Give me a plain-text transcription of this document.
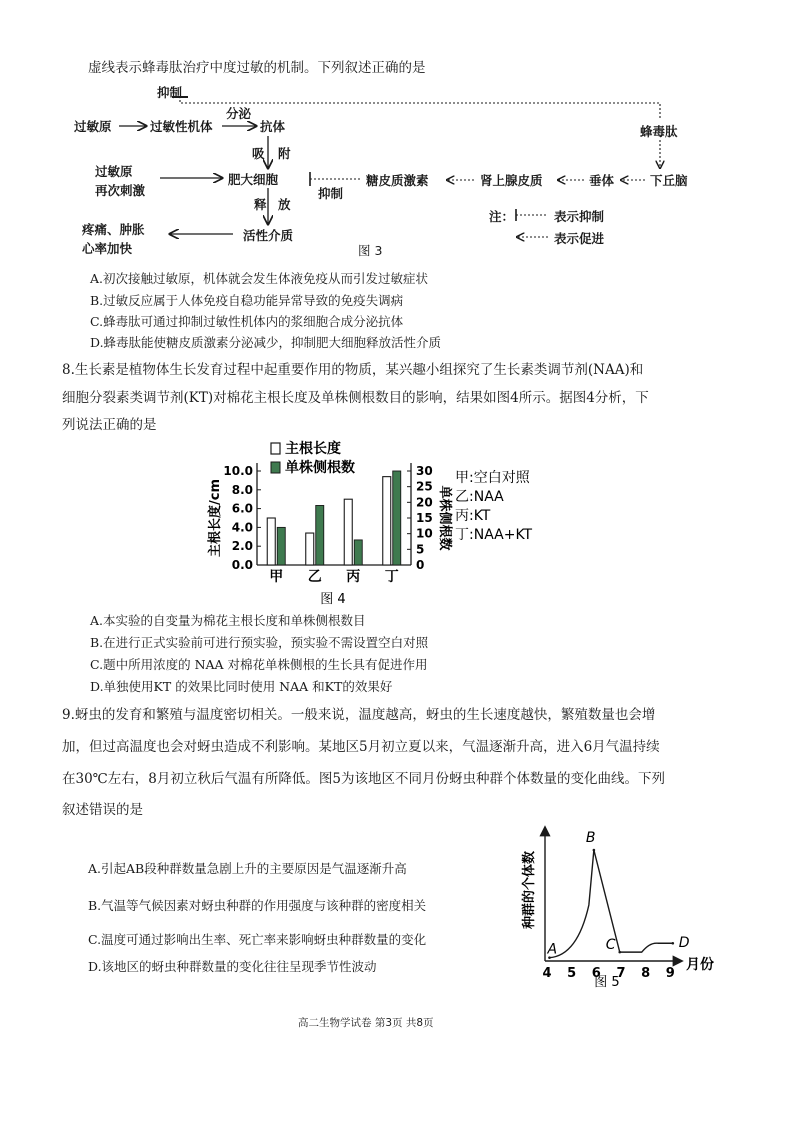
虚线表示蜂毒肽治疗中度过敏的机制。下列叙述正确的是
抑制
过敏原	过敏性机体
分泌
抗体
吸 附
蜂毒肽
过敏原
再次刺激
肥大细胞
抑制
糖皮质激素	肾上腺皮质	垂体	下丘脑
释 放
注：	表示抑制
疼痛、肿胀
心率加快
活性介质	表示促进
图 3
A.初次接触过敏原，机体就会发生体液免疫从而引发过敏症状
B.过敏反应属于人体免疫自稳功能异常导致的免疫失调病
C.蜂毒肽可通过抑制过敏性机体内的浆细胞合成分泌抗体
D.蜂毒肽能使糖皮质激素分泌减少，抑制肥大细胞释放活性介质
8.生长素是植物体生长发育过程中起重要作用的物质，某兴趣小组探究了生长素类调节剂(NAA)和
细胞分裂素类调节剂(KT)对棉花主根长度及单株侧根数目的影响，结果如图4所示。据图4分析，下
列说法正确的是
主根长度
单株侧根数
0.0
2.0
4.0
6.0
8.0
10.0
0
5
10
15
20
25
30
主根长度/cm	单株侧根数
甲 乙 丙 丁
甲:空白对照
乙:NAA
丙:KT
丁:NAA+KT
图 4
A.本实验的自变量为棉花主根长度和单株侧根数目
B.在进行正式实验前可进行预实验，预实验不需设置空白对照
C.题中所用浓度的 NAA 对棉花单株侧根的生长具有促进作用
D.单独使用KT 的效果比同时使用 NAA 和KT的效果好
9.蚜虫的发育和繁殖与温度密切相关。一般来说，温度越高，蚜虫的生长速度越快，繁殖数量也会增
加，但过高温度也会对蚜虫造成不利影响。某地区5月初立夏以来，气温逐渐升高，进入6月气温持续
在30℃左右，8月初立秋后气温有所降低。图5为该地区不同月份蚜虫种群个体数量的变化曲线。下列
叙述错误的是
A.引起AB段种群数量急剧上升的主要原因是气温逐渐升高
B.气温等气候因素对蚜虫种群的作用强度与该种群的密度相关
C.温度可通过影响出生率、死亡率来影响蚜虫种群数量的变化
D.该地区的蚜虫种群数量的变化往往呈现季节性波动
种群的个体数
月份
4 5 6 7 8 9
A
B
C	D
图 5
高二生物学试卷 第3页 共8页
